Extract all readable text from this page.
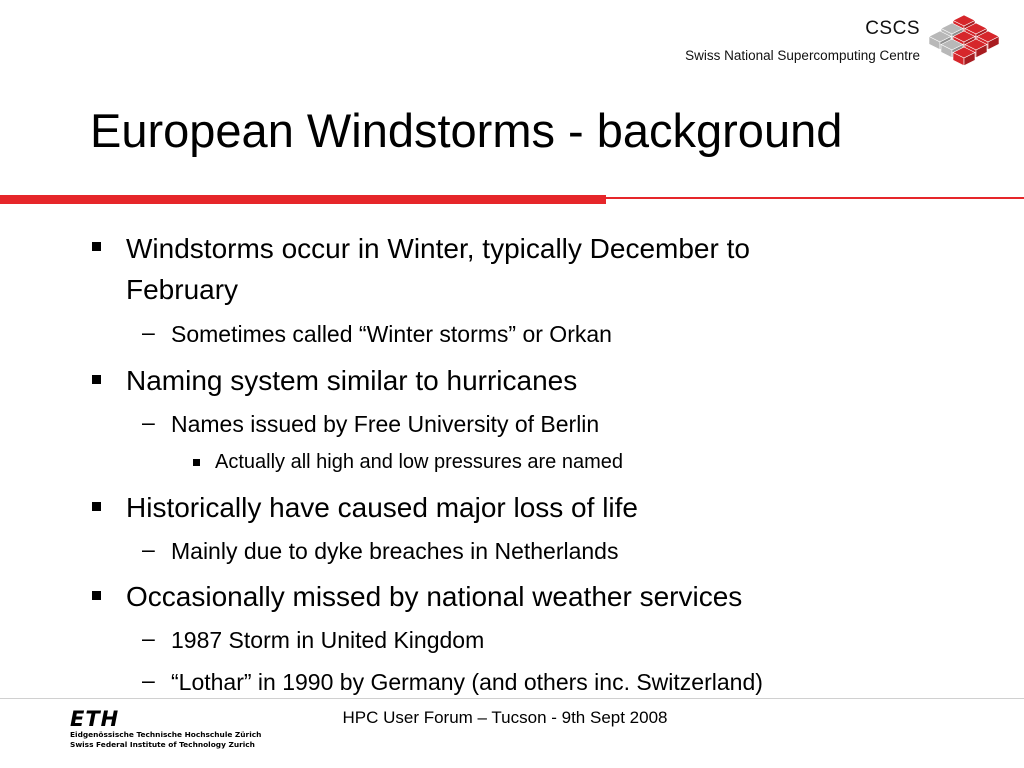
CSCS
Swiss National Supercomputing Centre
European Windstorms - background
Windstorms occur in Winter, typically December to
February
– Sometimes called “Winter storms” or Orkan
Naming system similar to hurricanes
– Names issued by Free University of Berlin
Actually all high and low pressures are named
Historically have caused major loss of life
– Mainly due to dyke breaches in Netherlands
Occasionally missed by national weather services
– 1987 Storm in United Kingdom
– “Lothar” in 1990 by Germany (and others inc. Switzerland)
ETH
Eidgenössische Technische Hochschule Zürich
Swiss Federal Institute of Technology Zurich
HPC User Forum – Tucson - 9th Sept 2008
